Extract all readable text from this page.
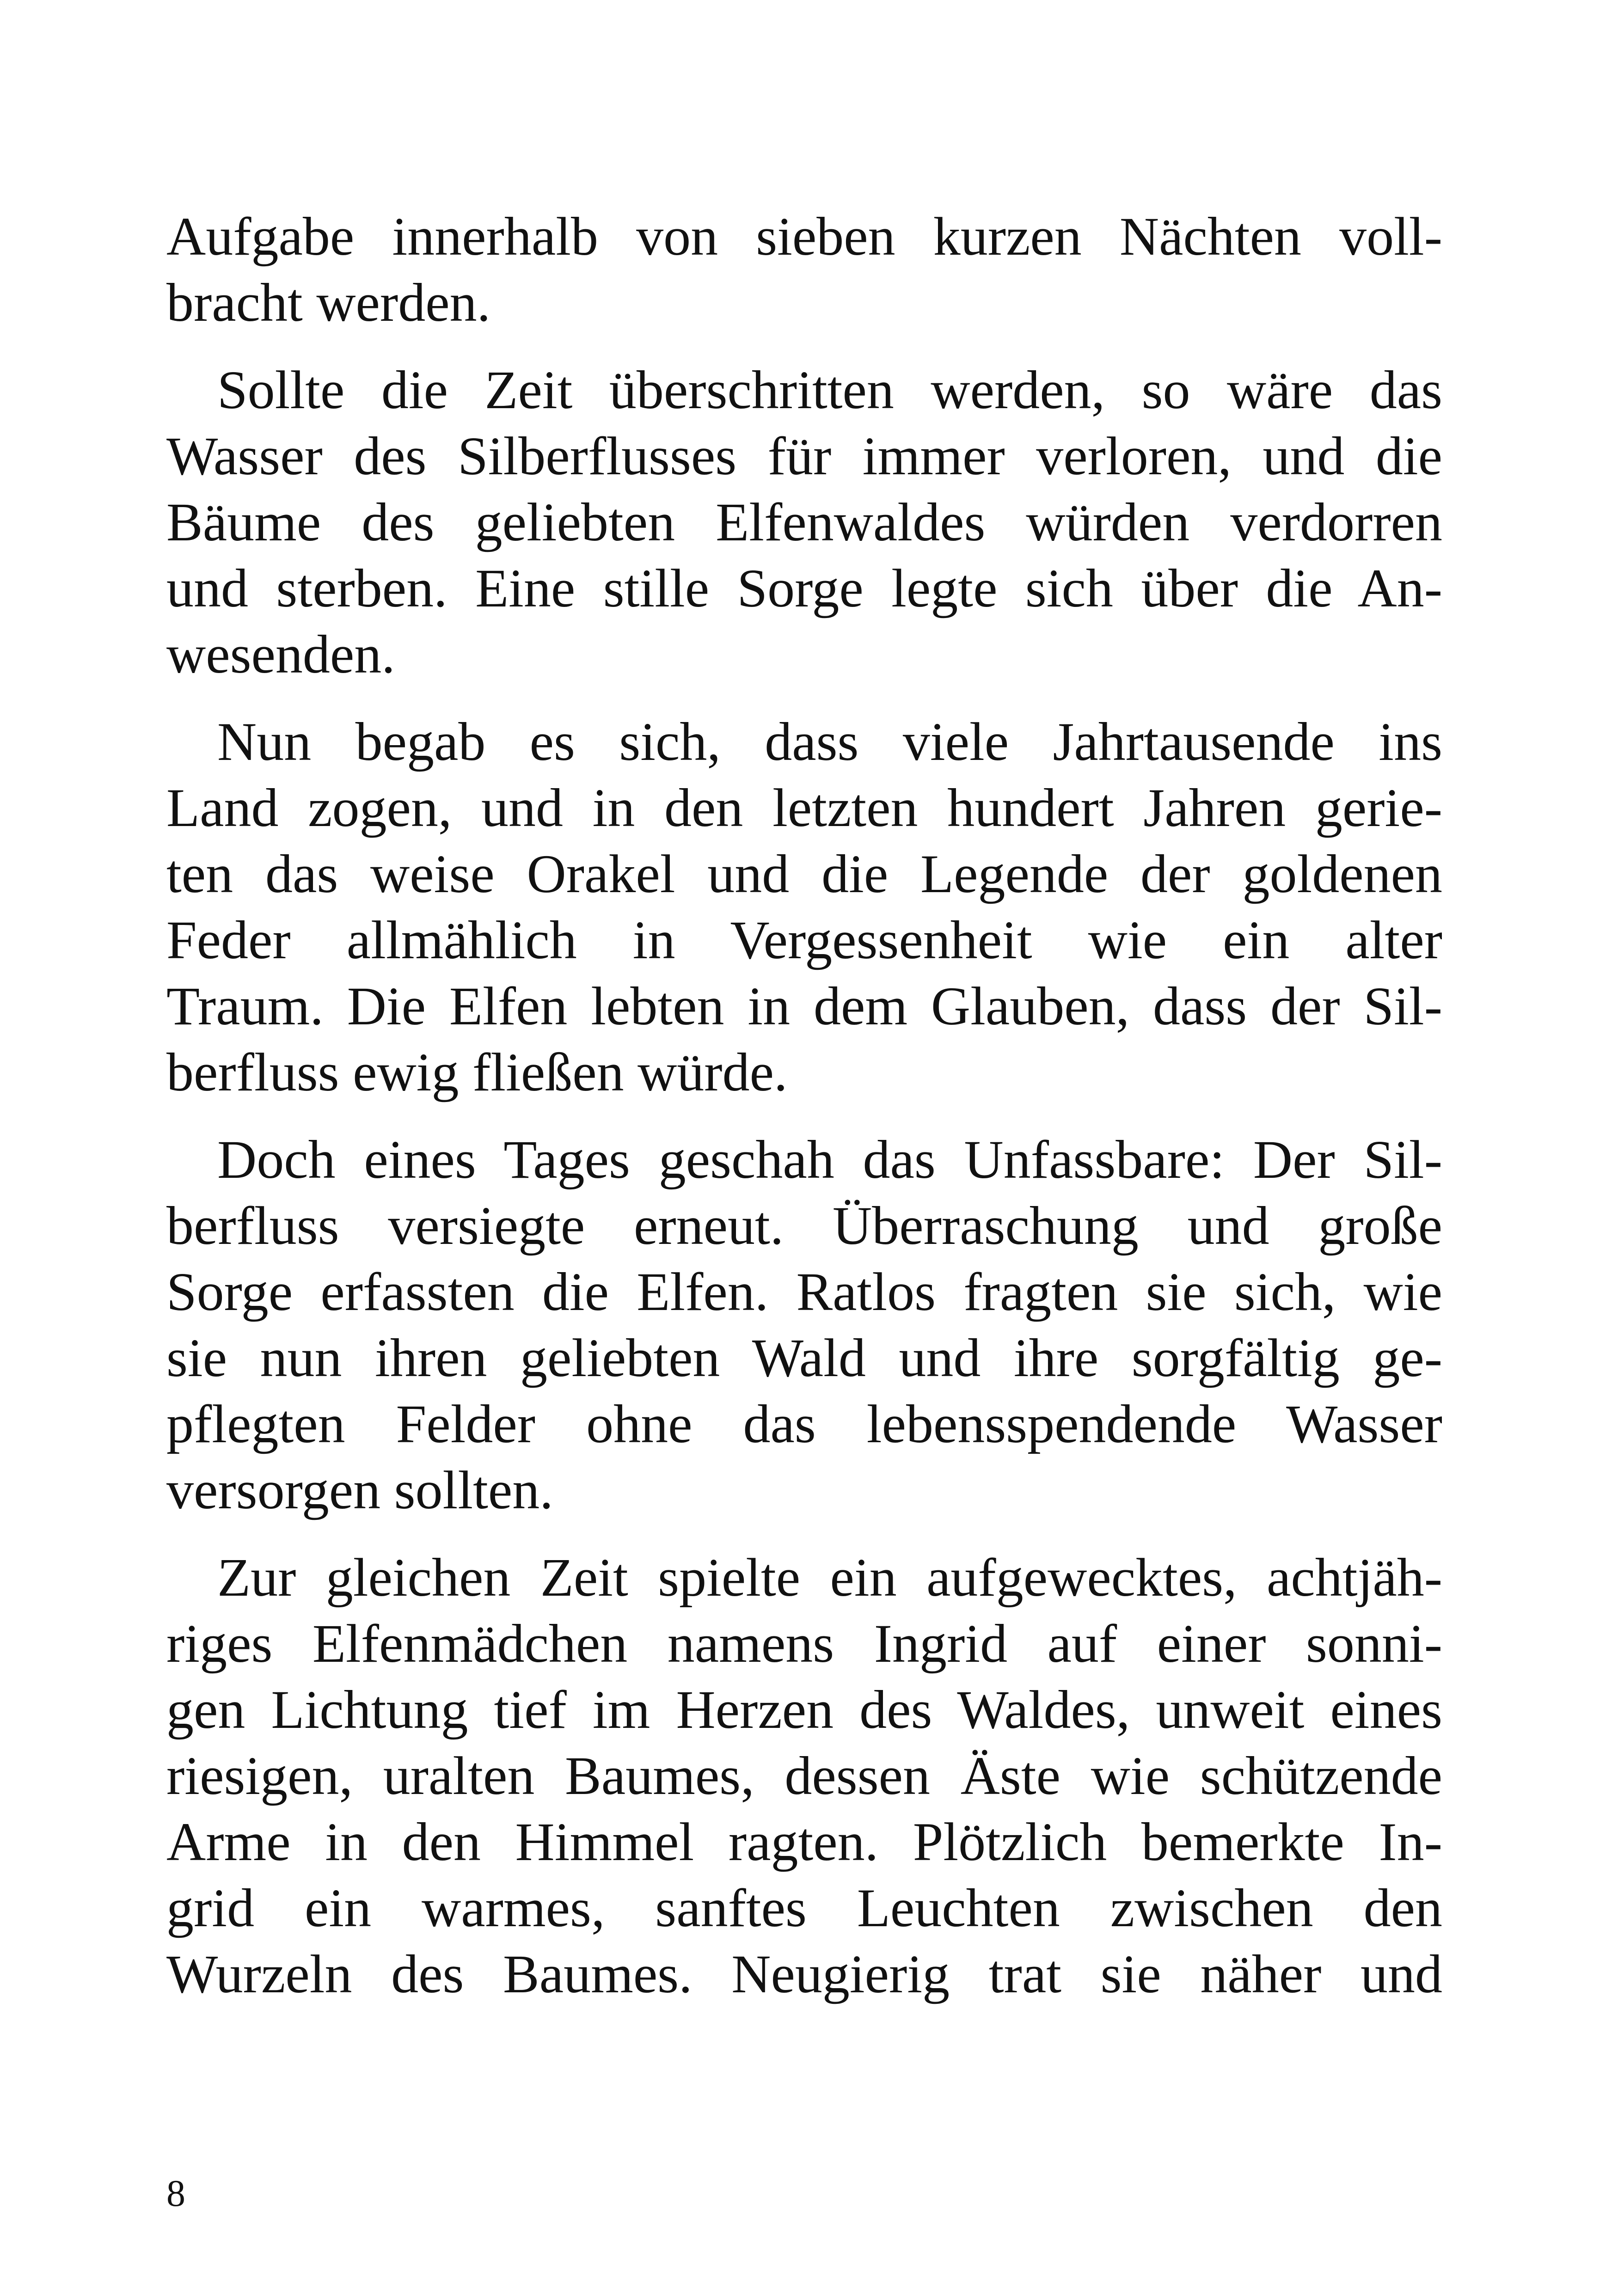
Aufgabe innerhalb von sieben kurzen Nächten voll-
bracht werden.

Sollte die Zeit überschritten werden, so wäre das
Wasser des Silberflusses für immer verloren, und die
Bäume des geliebten Elfenwaldes würden verdorren
und sterben. Eine stille Sorge legte sich über die An-
wesenden.

Nun begab es sich, dass viele Jahrtausende ins
Land zogen, und in den letzten hundert Jahren gerie-
ten das weise Orakel und die Legende der goldenen
Feder allmählich in Vergessenheit wie ein alter
Traum. Die Elfen lebten in dem Glauben, dass der Sil-
berfluss ewig fließen würde.

Doch eines Tages geschah das Unfassbare: Der Sil-
berfluss versiegte erneut. Überraschung und große
Sorge erfassten die Elfen. Ratlos fragten sie sich, wie
sie nun ihren geliebten Wald und ihre sorgfältig ge-
pflegten Felder ohne das lebensspendende Wasser
versorgen sollten.

Zur gleichen Zeit spielte ein aufgewecktes, achtjäh-
riges Elfenmädchen namens Ingrid auf einer sonni-
gen Lichtung tief im Herzen des Waldes, unweit eines
riesigen, uralten Baumes, dessen Äste wie schützende
Arme in den Himmel ragten. Plötzlich bemerkte In-
grid ein warmes, sanftes Leuchten zwischen den
Wurzeln des Baumes. Neugierig trat sie näher und

8
